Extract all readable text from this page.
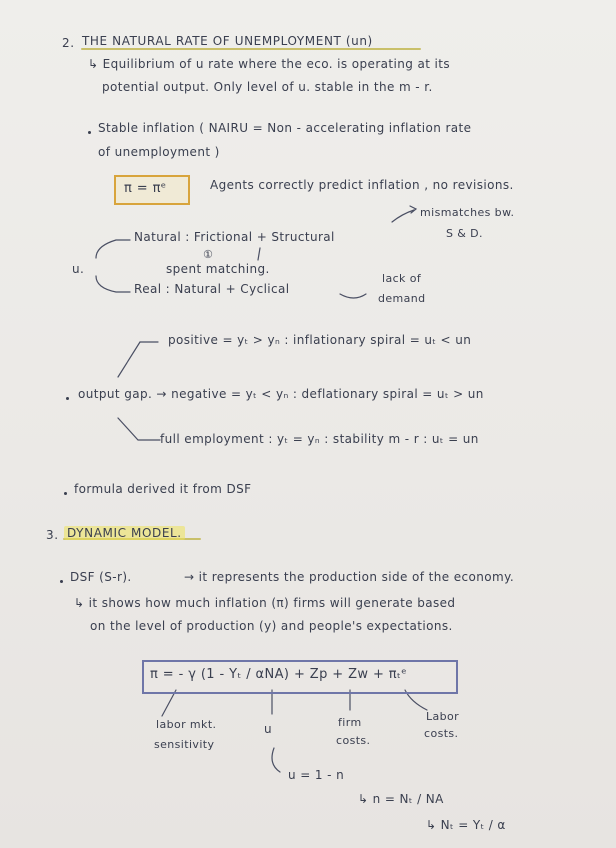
2. THE NATURAL RATE OF UNEMPLOYMENT (un)
↳ Equilibrium of u rate where the eco. is operating at its
potential output. Only level of u. stable in the m - r.
Stable inflation ( NAIRU = Non - accelerating inflation rate
of unemployment )
π = πᵉ	Agents correctly predict inflation , no revisions.
mismatches bw.
S & D.
u.
Natural : Frictional + Structural
①
spent matching.
Real : Natural + Cyclical
lack of
demand
positive = yₜ > yₙ : inflationary spiral = uₜ < un
output gap. → negative = yₜ < yₙ : deflationary spiral = uₜ > un
full employment : yₜ = yₙ : stability m - r : uₜ = un
formula derived it from DSF
3. DYNAMIC MODEL.
DSF (S-r).	→ it represents the production side of the economy.
↳ it shows how much inflation (π) firms will generate based
on the level of production (y) and people's expectations.
π = - γ (1 - Yₜ / αNA) + Zp + Zw + πₜᵉ
labor mkt.
sensitivity
u	firm
costs.
Labor
costs.
u = 1 - n
↳ n = Nₜ / NA
↳ Nₜ = Yₜ / α
